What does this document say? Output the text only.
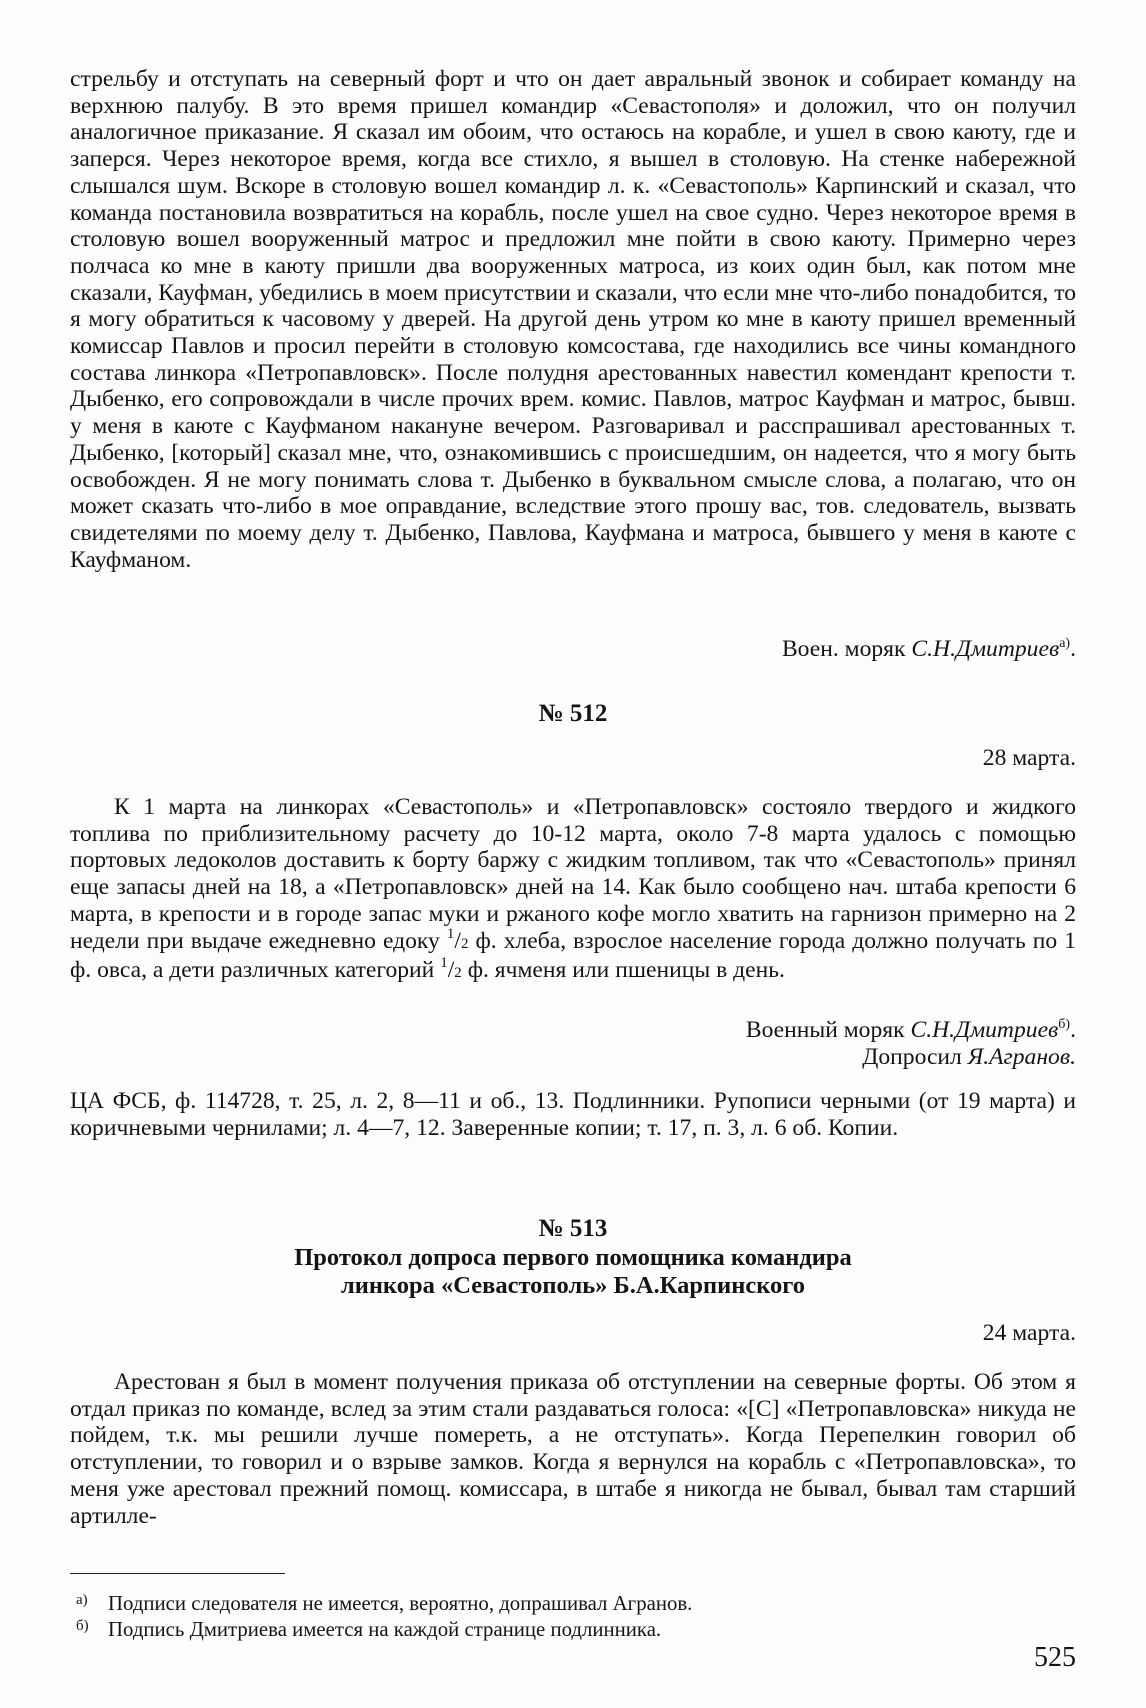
стрельбу и отступать на северный форт и что он дает авральный звонок и собирает команду на верхнюю палубу. В это время пришел командир «Севастополя» и доложил, что он получил аналогичное приказание. Я сказал им обоим, что остаюсь на корабле, и ушел в свою каюту, где и заперся. Через некоторое время, когда все стихло, я вышел в столовую. На стенке набережной слышался шум. Вскоре в столовую вошел командир л. к. «Севастополь» Карпинский и сказал, что команда постановила возвратиться на корабль, после ушел на свое судно. Через некоторое время в столовую вошел вооруженный матрос и предложил мне пойти в свою каюту. Примерно через полчаса ко мне в каюту пришли два вооруженных матроса, из коих один был, как потом мне сказали, Кауфман, убедились в моем присутствии и сказали, что если мне что-либо понадобится, то я могу обратиться к часовому у дверей. На другой день утром ко мне в каюту пришел временный комиссар Павлов и просил перейти в столовую комсостава, где находились все чины командного состава линкора «Петропавловск». После полудня арестованных навестил комендант крепости т. Дыбенко, его сопровождали в числе прочих врем. комис. Павлов, матрос Кауфман и матрос, бывш. у меня в каюте с Кауфманом накануне вечером. Разговаривал и расспрашивал арестованных т. Дыбенко, [который] сказал мне, что, ознакомившись с происшедшим, он надеется, что я могу быть освобожден. Я не могу понимать слова т. Дыбенко в буквальном смысле слова, а полагаю, что он может сказать что-либо в мое оправдание, вследствие этого прошу вас, тов. следователь, вызвать свидетелями по моему делу т. Дыбенко, Павлова, Кауфмана и матроса, бывшего у меня в каюте с Кауфманом.

Воен. моряк С.Н.Дмитриев$^{а)}$.
№ 512
28 марта.

К 1 марта на линкорах «Севастополь» и «Петропавловск» состояло твердого и жидкого топлива по приблизительному расчету до 10-12 марта, около 7-8 марта удалось с помощью портовых ледоколов доставить к борту баржу с жидким топливом, так что «Севастополь» принял еще запасы дней на 18, а «Петропавловск» дней на 14. Как было сообщено нач. штаба крепости 6 марта, в крепости и в городе запас муки и ржаного кофе могло хватить на гарнизон примерно на 2 недели при выдаче ежедневно едоку $^1$/2 ф. хлеба, взрослое население города должно получать по 1 ф. овса, а дети различных категорий $^1$/2 ф. ячменя или пшеницы в день.

Военный моряк С.Н.Дмитриев$^{б)}$.
Допросил Я.Агранов.

ЦА ФСБ, ф. 114728, т. 25, л. 2, 8—11 и об., 13. Подлинники. Рупописи черными (от 19 марта) и коричневыми чернилами; л. 4—7, 12. Заверенные копии; т. 17, п. 3, л. 6 об. Копии.

№ 513
Протокол допроса первого помощника командира
линкора «Севастополь» Б.А.Карпинского
24 марта.

Арестован я был в момент получения приказа об отступлении на северные форты. Об этом я отдал приказ по команде, вслед за этим стали раздаваться голоса: «[С] «Петропавловска» никуда не пойдем, т.к. мы решили лучше помереть, а не отступать». Когда Перепелкин говорил об отступлении, то говорил и о взрыве замков. Когда я вернулся на корабль с «Петропавловска», то меня уже арестовал прежний помощ. комиссара, в штабе я никогда не бывал, бывал там старший артилле-

а) Подписи следователя не имеется, вероятно, допрашивал Агранов.
б) Подпись Дмитриева имеется на каждой странице подлинника.
525
